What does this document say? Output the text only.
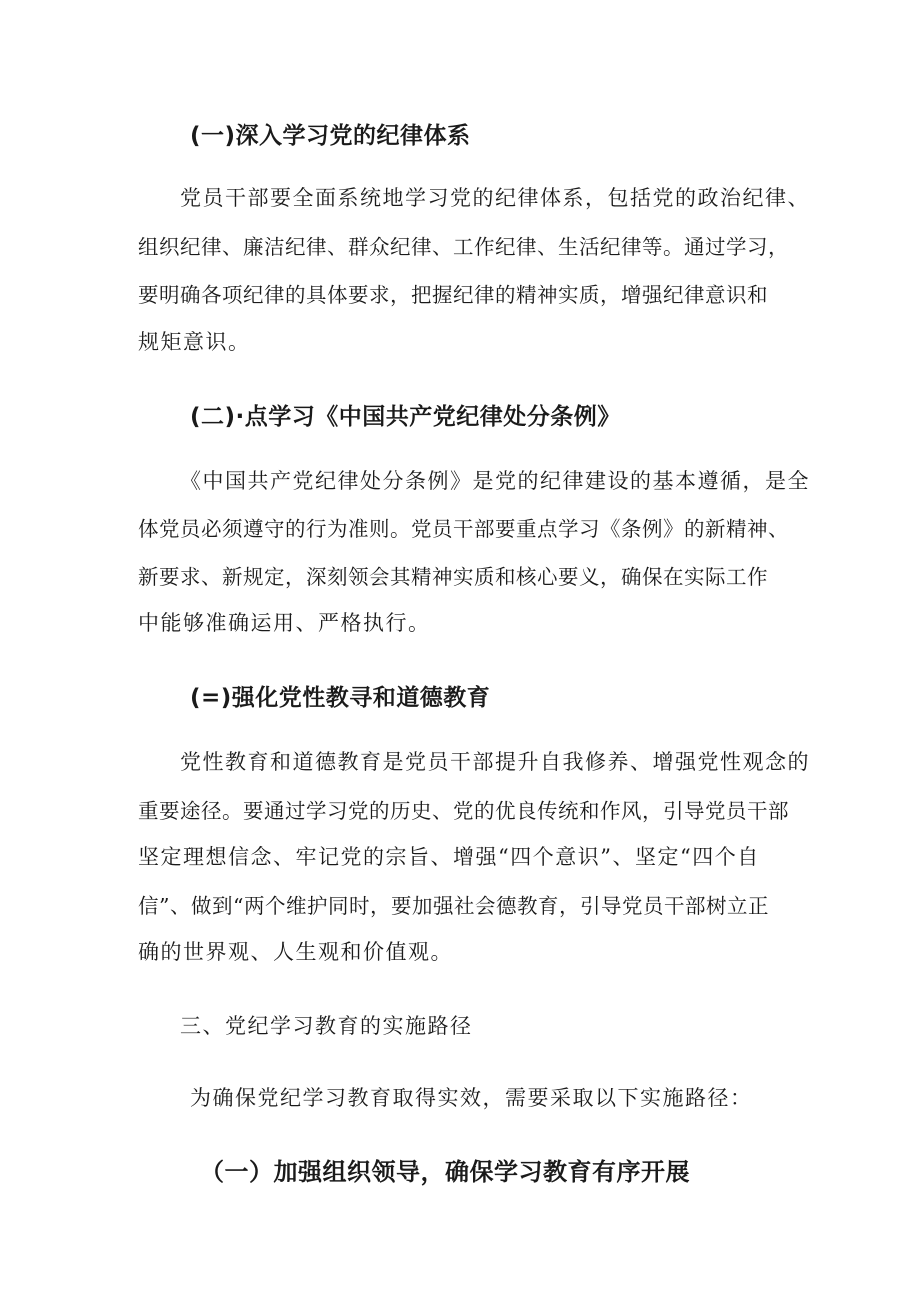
(一)深入学习党的纪律体系
党员干部要全面系统地学习党的纪律体系，包括党的政治纪律、
组织纪律、廉洁纪律、群众纪律、工作纪律、生活纪律等。通过学习，
要明确各项纪律的具体要求，把握纪律的精神实质，增强纪律意识和
规矩意识。
(二)·点学习《中国共产党纪律处分条例》
《中国共产党纪律处分条例》是党的纪律建设的基本遵循，是全
体党员必须遵守的行为准则。党员干部要重点学习《条例》的新精神、
新要求、新规定，深刻领会其精神实质和核心要义，确保在实际工作
中能够准确运用、严格执行。
(=)强化党性教寻和道德教育
党性教育和道德教育是党员干部提升自我修养、增强党性观念的
重要途径。要通过学习党的历史、党的优良传统和作风，引导党员干部
坚定理想信念、牢记党的宗旨、增强“四个意识”、坚定“四个自
信”、做到“两个维护同时，要加强社会德教育，引导党员干部树立正
确的世界观、人生观和价值观。
三、党纪学习教育的实施路径
为确保党纪学习教育取得实效，需要采取以下实施路径：
（一）加强组织领导，确保学习教育有序开展
